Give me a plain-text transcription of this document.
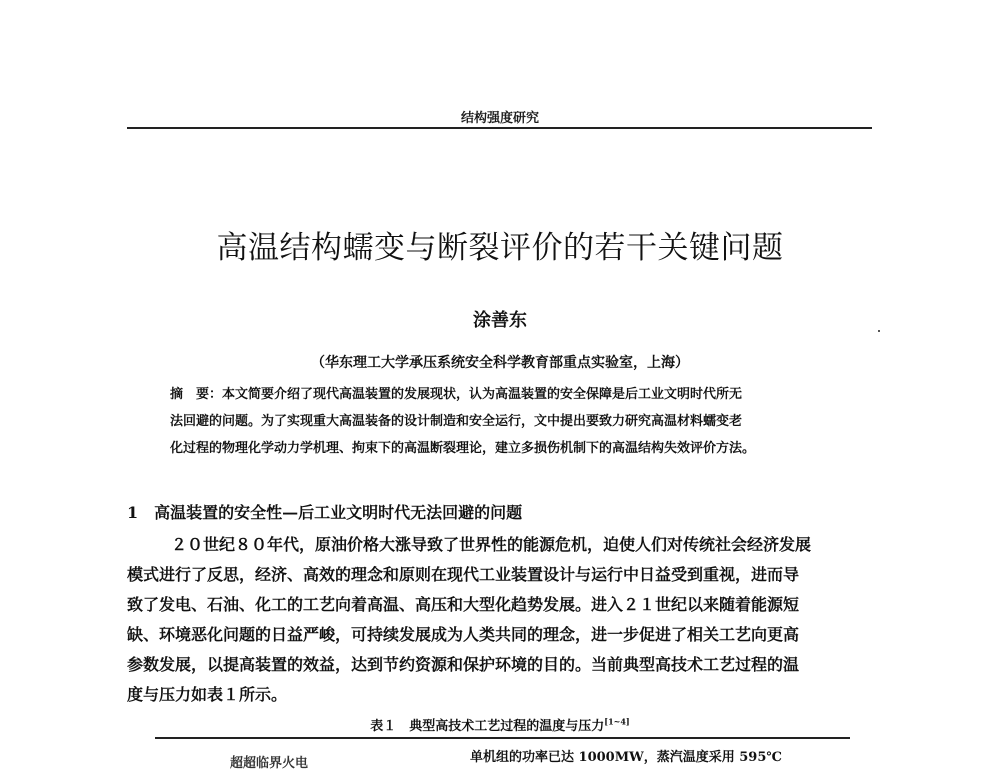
结构强度研究
高温结构蠕变与断裂评价的若干关键问题
涂善东
（华东理工大学承压系统安全科学教育部重点实验室，上海）
摘　要：本文简要介绍了现代高温装置的发展现状，认为高温装置的安全保障是后工业文明时代所无
法回避的问题。为了实现重大高温装备的设计制造和安全运行，文中提出要致力研究高温材料蠕变老
化过程的物理化学动力学机理、拘束下的高温断裂理论，建立多损伤机制下的高温结构失效评价方法。
1 高温装置的安全性—后工业文明时代无法回避的问题
２０世纪８０年代，原油价格大涨导致了世界性的能源危机，迫使人们对传统社会经济发展
模式进行了反思，经济、高效的理念和原则在现代工业装置设计与运行中日益受到重视，进而导
致了发电、石油、化工的工艺向着高温、高压和大型化趋势发展。进入２１世纪以来随着能源短
缺、环境恶化问题的日益严峻，可持续发展成为人类共同的理念，进一步促进了相关工艺向更高
参数发展，以提高装置的效益，达到节约资源和保护环境的目的。当前典型高技术工艺过程的温
度与压力如表１所示。
表１　典型高技术工艺过程的温度与压力[1~4]
超超临界火电	单机组的功率已达 1000MW，蒸汽温度采用 595℃
